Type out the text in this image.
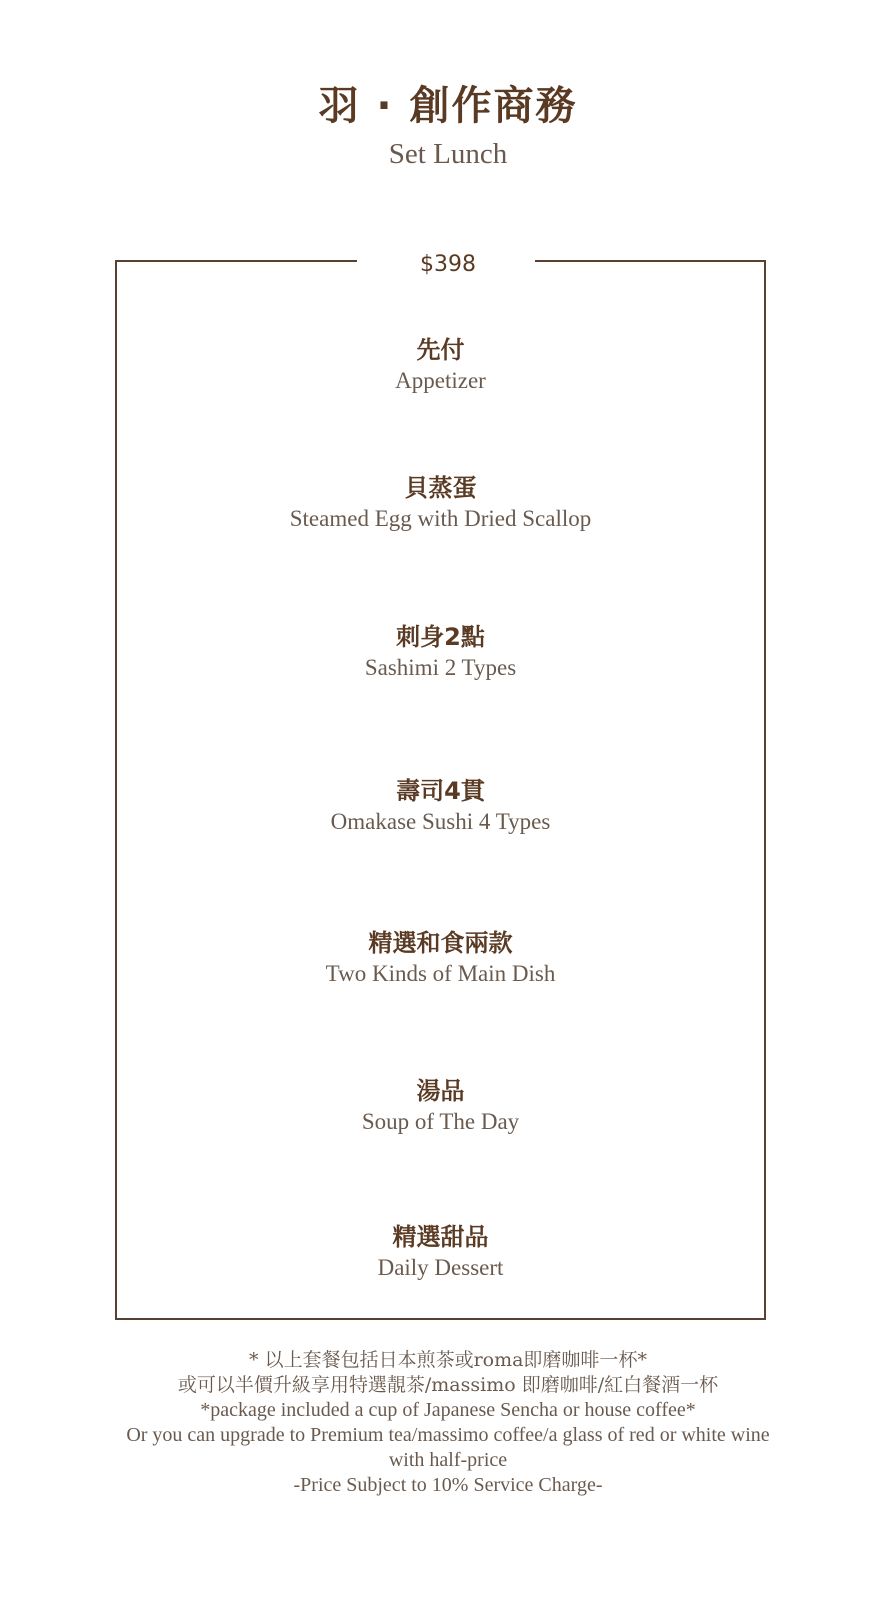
羽 · 創作商務
Set Lunch
$398
先付
Appetizer
貝蒸蛋
Steamed Egg with Dried Scallop
刺身2點
Sashimi 2 Types
壽司4貫
Omakase Sushi 4 Types
精選和食兩款
Two Kinds of Main Dish
湯品
Soup of The Day
精選甜品
Daily Dessert
* 以上套餐包括日本煎茶或roma即磨咖啡一杯*
或可以半價升級享用特選靚茶/massimo 即磨咖啡/紅白餐酒一杯
*package included a cup of Japanese Sencha or house coffee*
Or you can upgrade to Premium tea/massimo coffee/a glass of red or white wine
with half-price
-Price Subject to 10% Service Charge-
